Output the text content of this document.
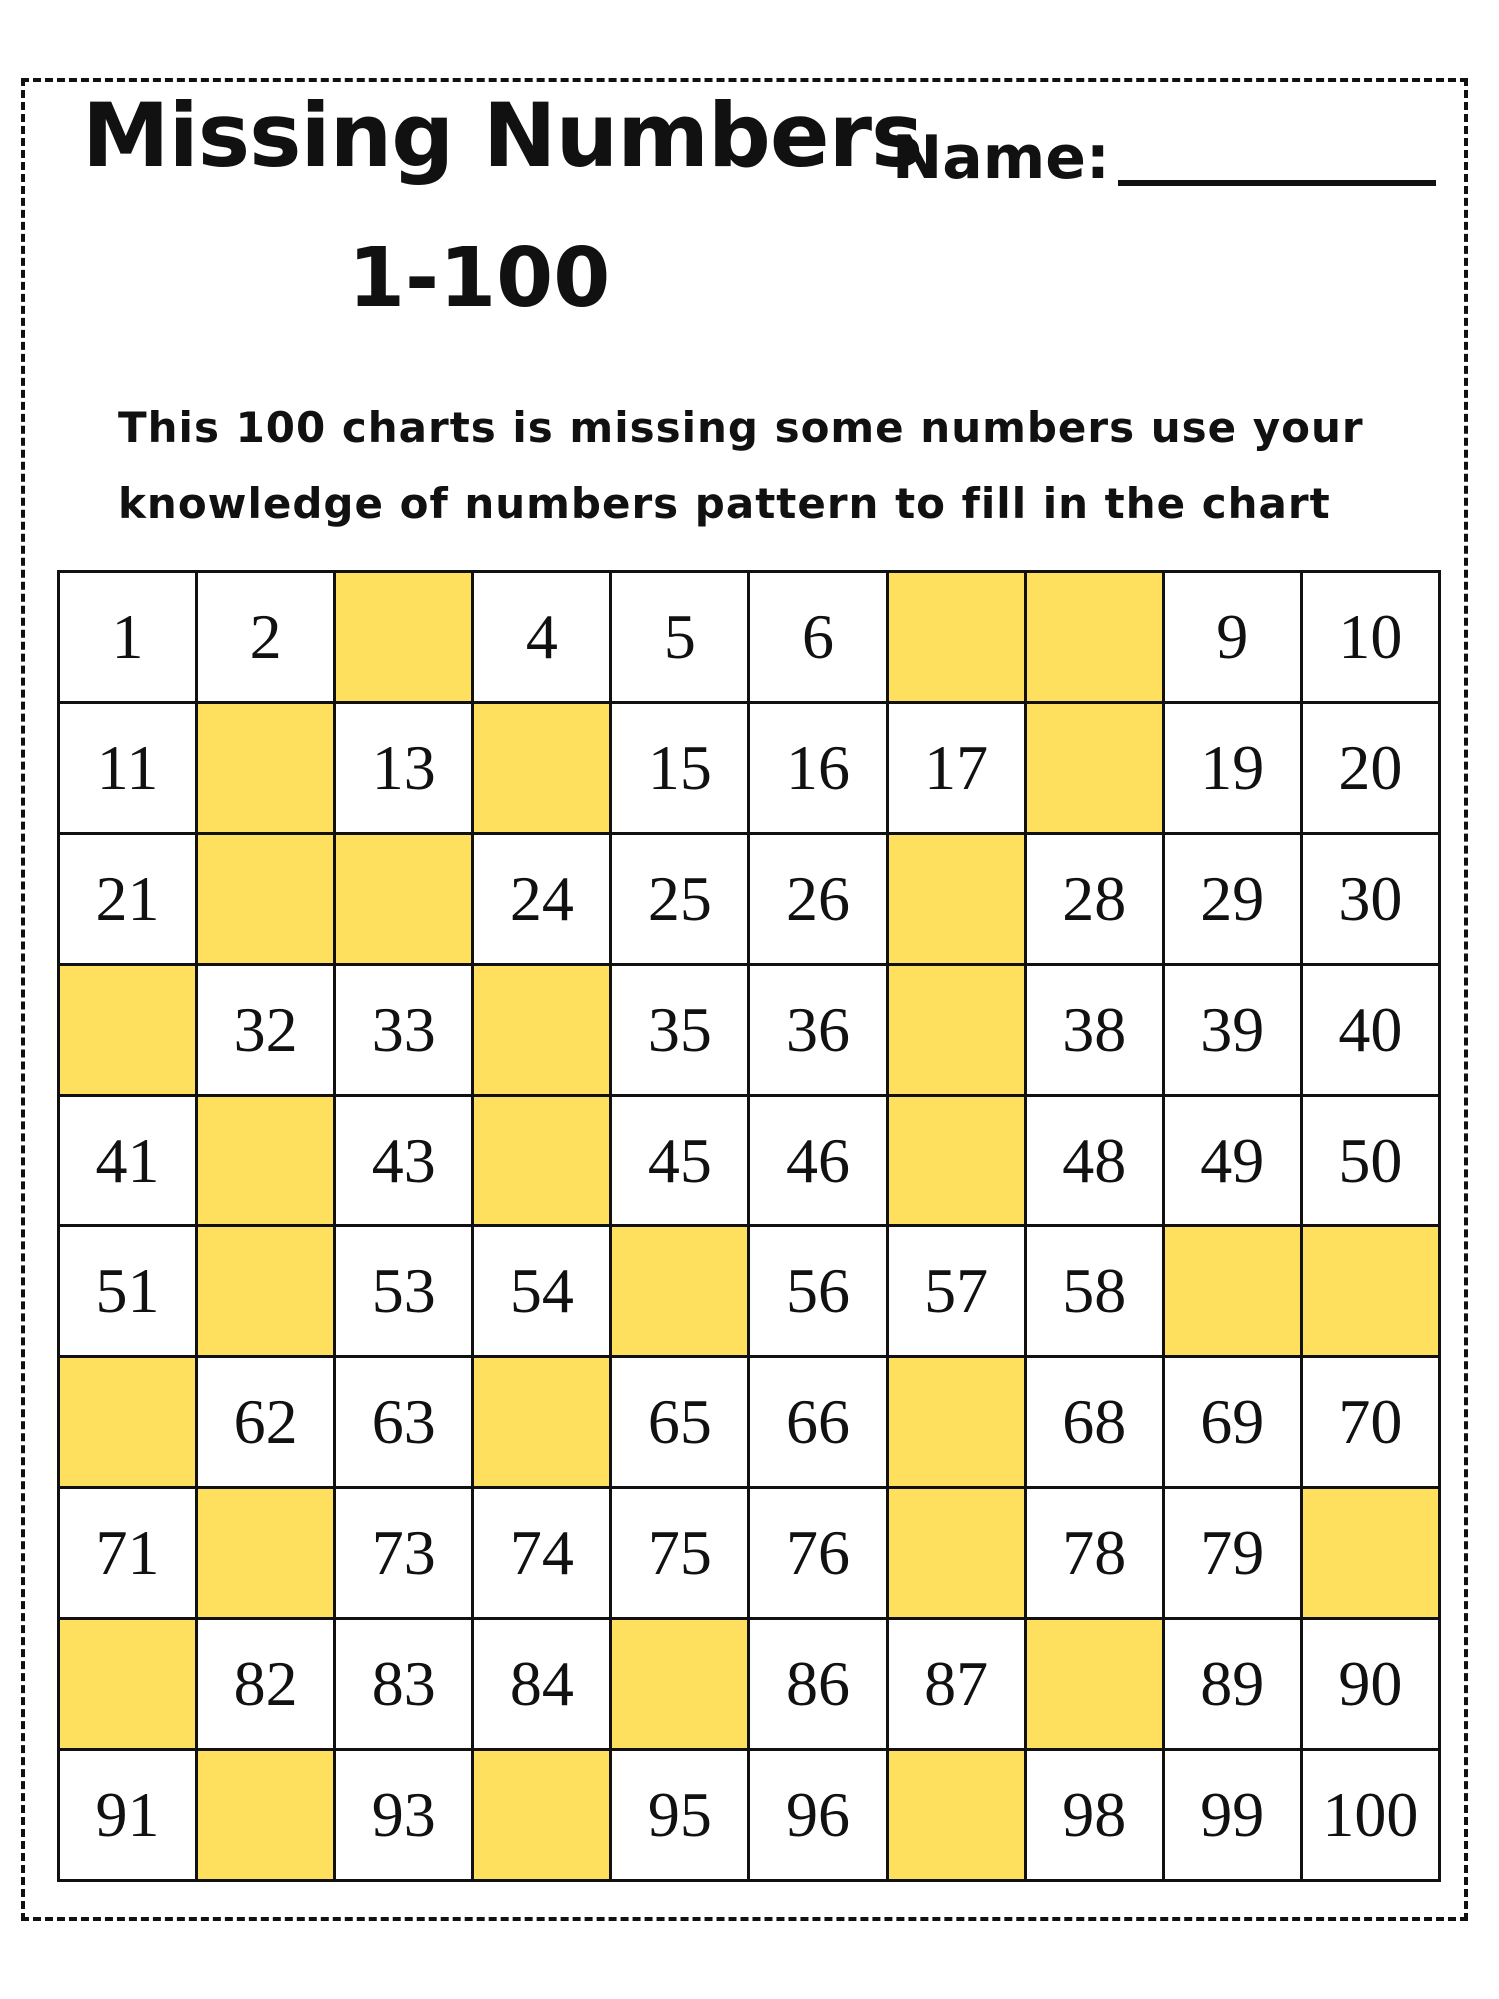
Missing Numbers
1-100
Name:
This 100 charts is missing some numbers use your knowledge of numbers pattern to fill in the chart
1	2		4	5	6			9	10
11		13		15	16	17		19	20
21			24	25	26		28	29	30
	32	33		35	36		38	39	40
41		43		45	46		48	49	50
51		53	54		56	57	58		
	62	63		65	66		68	69	70
71		73	74	75	76		78	79	
	82	83	84		86	87		89	90
91		93		95	96		98	99	100
